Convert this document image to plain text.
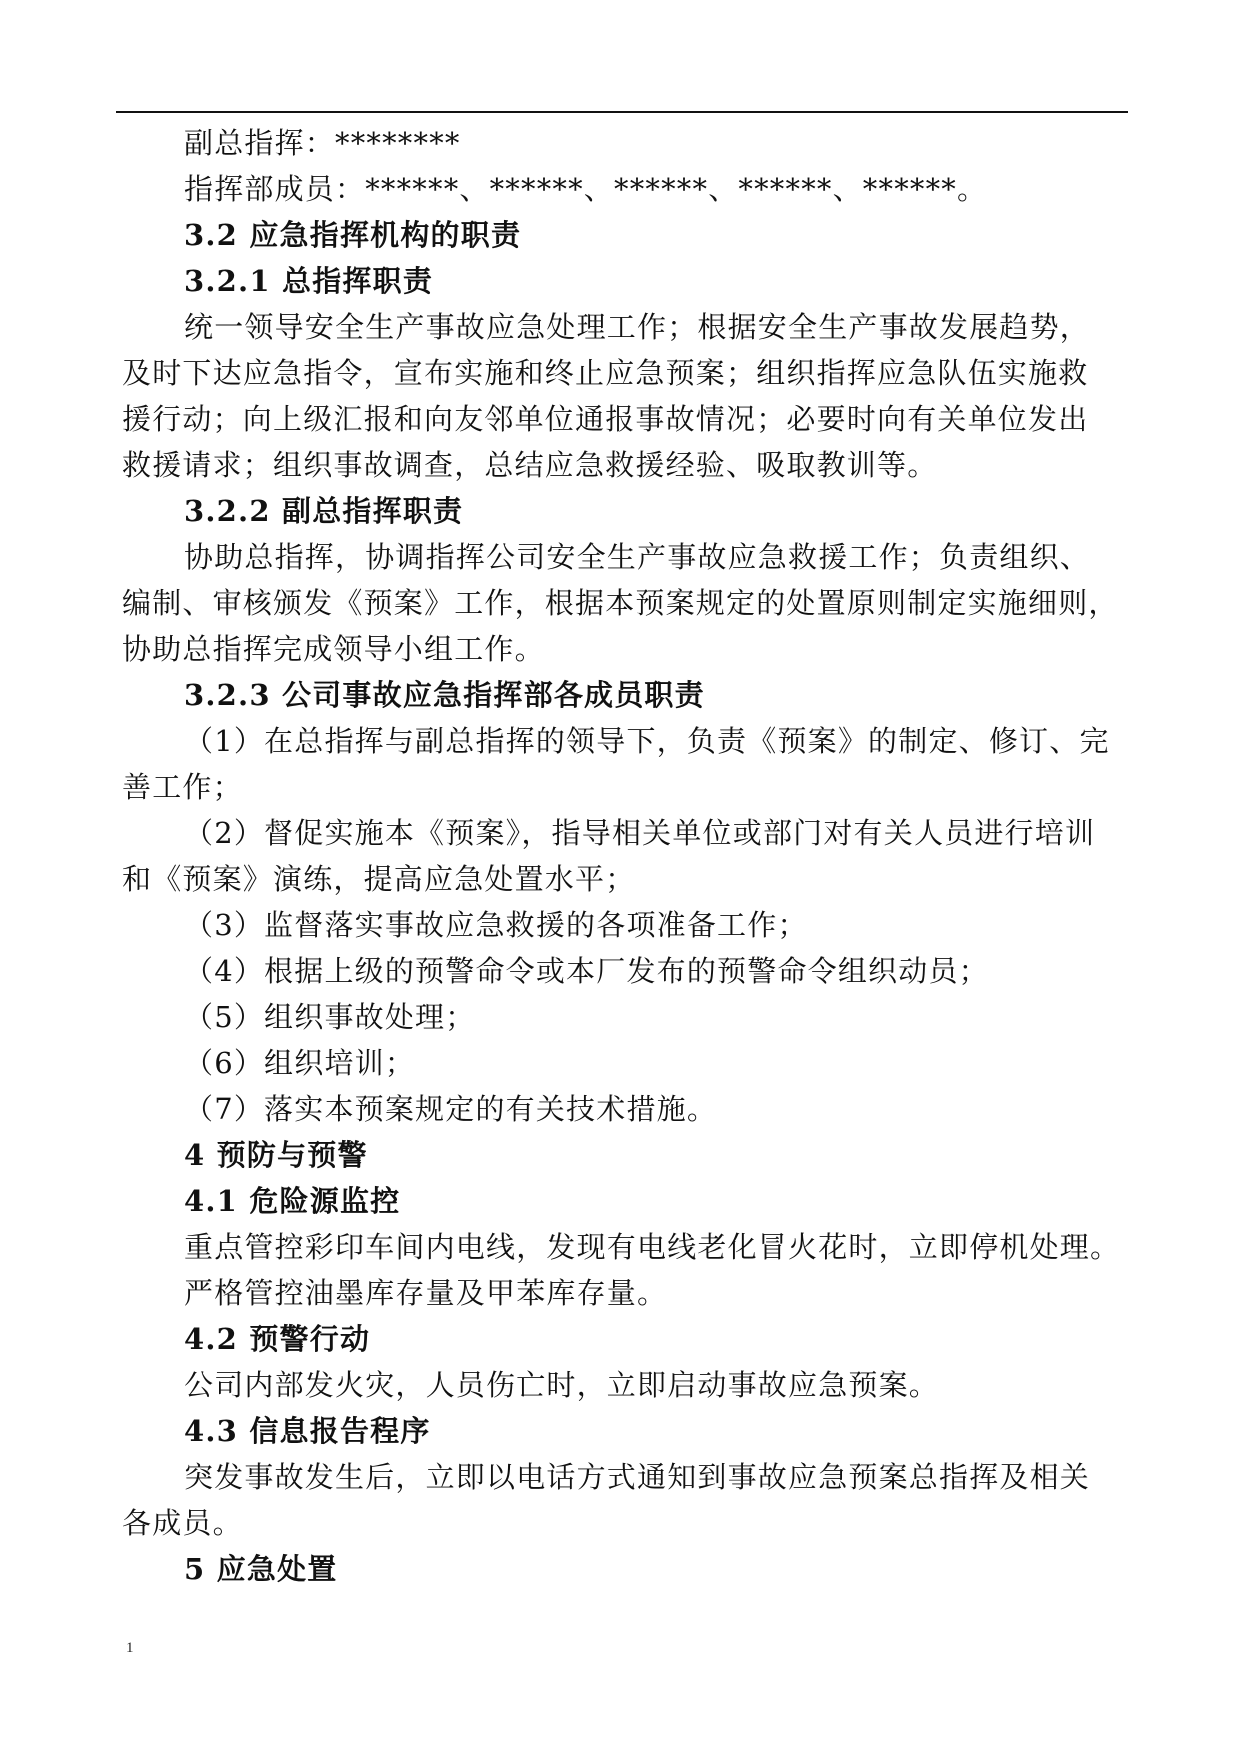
副总指挥：********

指挥部成员：******、******、******、******、******。

3.2 应急指挥机构的职责

3.2.1 总指挥职责

统一领导安全生产事故应急处理工作；根据安全生产事故发展趋势，

及时下达应急指令，宣布实施和终止应急预案；组织指挥应急队伍实施救

援行动；向上级汇报和向友邻单位通报事故情况；必要时向有关单位发出

救援请求；组织事故调查，总结应急救援经验、吸取教训等。

3.2.2 副总指挥职责

协助总指挥，协调指挥公司安全生产事故应急救援工作；负责组织、

编制、审核颁发《预案》工作，根据本预案规定的处置原则制定实施细则，

协助总指挥完成领导小组工作。

3.2.3 公司事故应急指挥部各成员职责

（1）在总指挥与副总指挥的领导下，负责《预案》的制定、修订、完

善工作；

（2）督促实施本《预案》，指导相关单位或部门对有关人员进行培训

和《预案》演练，提高应急处置水平；

（3）监督落实事故应急救援的各项准备工作；

（4）根据上级的预警命令或本厂发布的预警命令组织动员；

（5）组织事故处理；

（6）组织培训；

（7）落实本预案规定的有关技术措施。

4 预防与预警

4.1 危险源监控

重点管控彩印车间内电线，发现有电线老化冒火花时，立即停机处理。

严格管控油墨库存量及甲苯库存量。

4.2 预警行动

公司内部发火灾，人员伤亡时，立即启动事故应急预案。

4.3 信息报告程序

突发事故发生后，立即以电话方式通知到事故应急预案总指挥及相关

各成员。

5 应急处置

1
